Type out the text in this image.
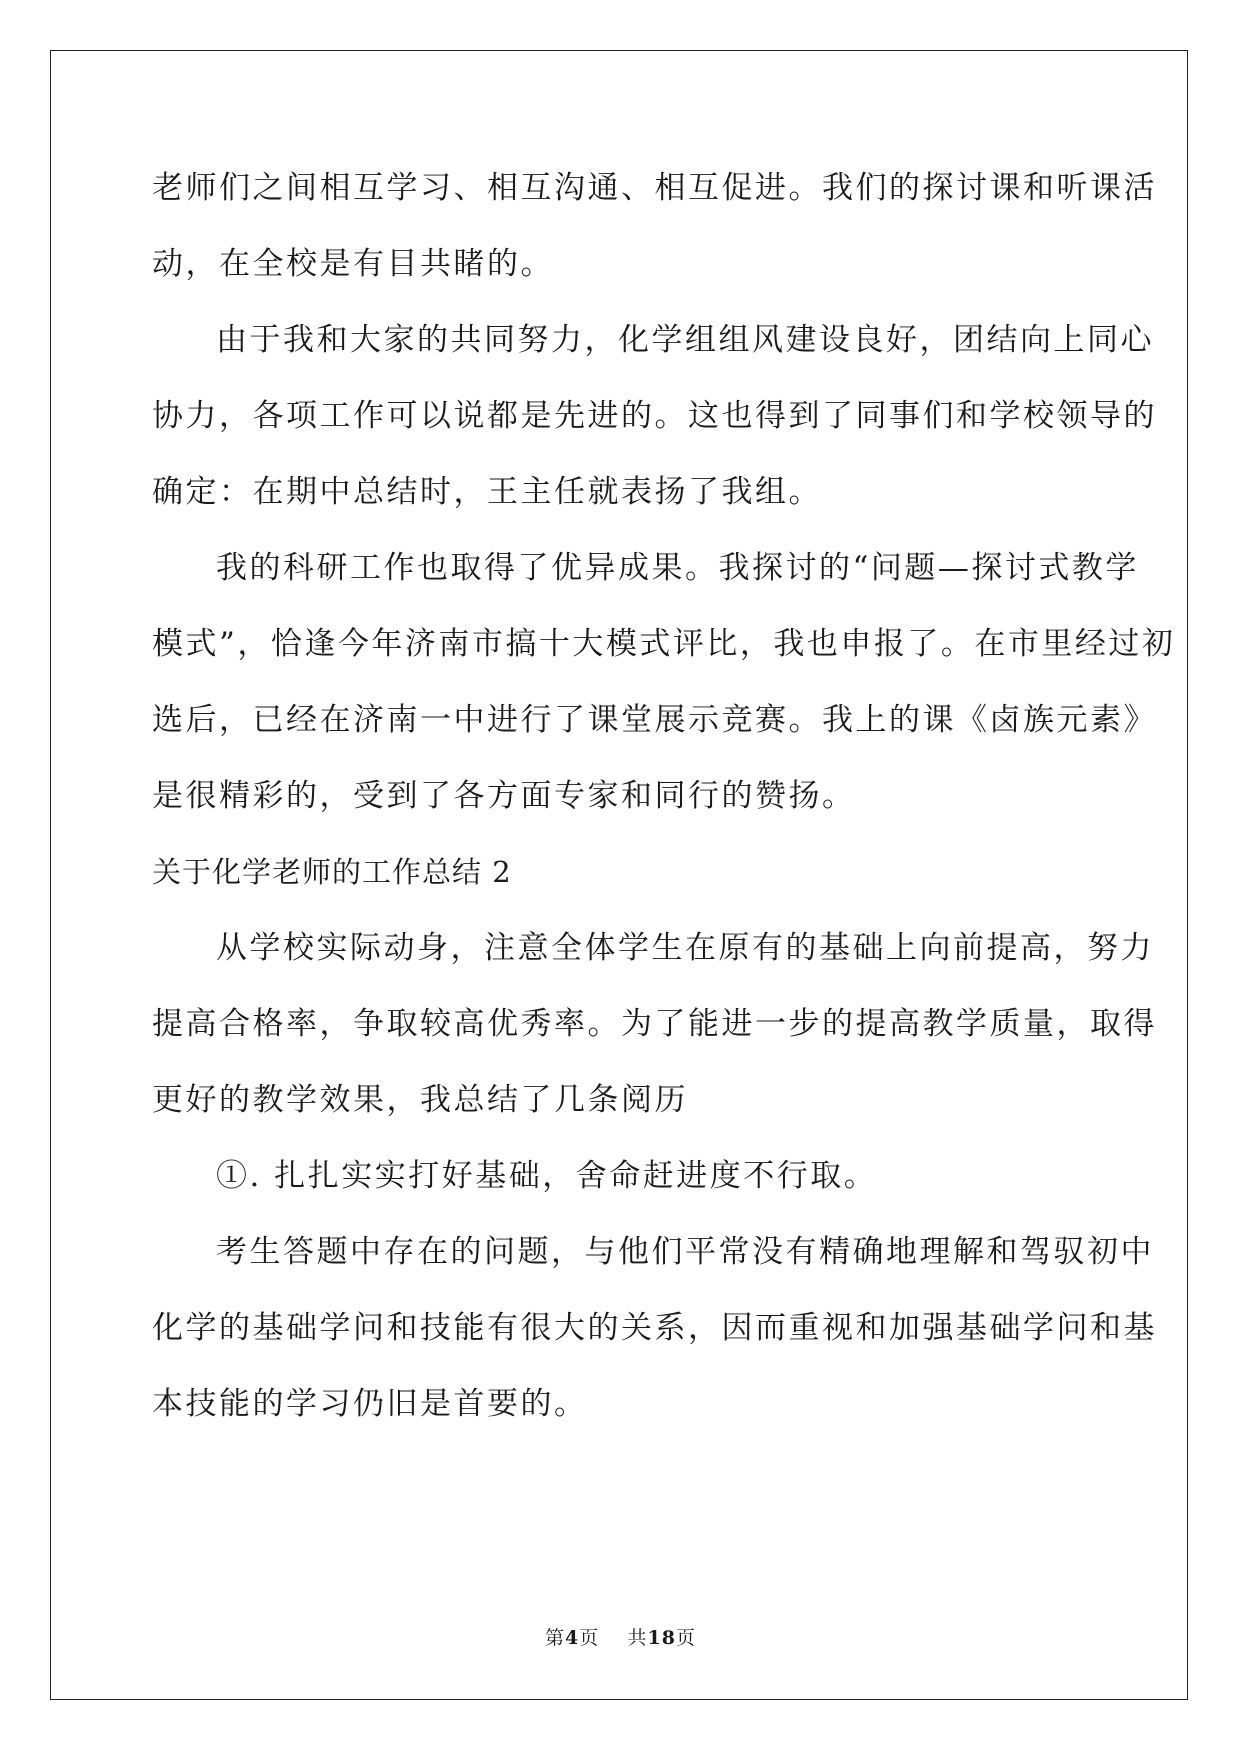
老师们之间相互学习、相互沟通、相互促进。我们的探讨课和听课活
动，在全校是有目共睹的。
由于我和大家的共同努力，化学组组风建设良好，团结向上同心
协力，各项工作可以说都是先进的。这也得到了同事们和学校领导的
确定：在期中总结时，王主任就表扬了我组。
我的科研工作也取得了优异成果。我探讨的“问题—探讨式教学
模式”，恰逢今年济南市搞十大模式评比，我也申报了。在市里经过初
选后，已经在济南一中进行了课堂展示竞赛。我上的课《卤族元素》
是很精彩的，受到了各方面专家和同行的赞扬。
关于化学老师的工作总结 2
从学校实际动身，注意全体学生在原有的基础上向前提高，努力
提高合格率，争取较高优秀率。为了能进一步的提高教学质量，取得
更好的教学效果，我总结了几条阅历
①. 扎扎实实打好基础，舍命赶进度不行取。
考生答题中存在的问题，与他们平常没有精确地理解和驾驭初中
化学的基础学问和技能有很大的关系，因而重视和加强基础学问和基
本技能的学习仍旧是首要的。
第4页 共18页
